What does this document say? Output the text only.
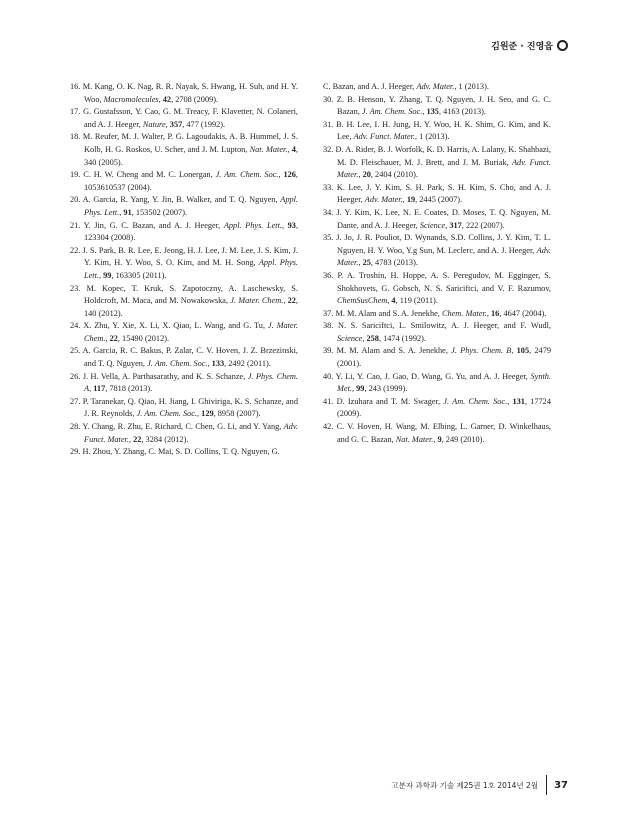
김원준 · 진영읍
16. M. Kang, O. K. Nag, R. R. Nayak, S. Hwang, H. Suh, and H. Y. Woo, Macromolecules, 42, 2708 (2009).
17. G. Gustafsson, Y. Cao, G. M. Treacy, F. Klavetter, N. Colaneri, and A. J. Heeger, Nature, 357, 477 (1992).
18. M. Reufer, M. J. Walter, P. G. Lagoudakis, A. B. Hummel, J. S. Kolb, H. G. Roskos, U. Scher, and J. M. Lupton, Nat. Mater., 4, 340 (2005).
19. C. H. W. Cheng and M. C. Lonergan, J. Am. Chem. Soc., 126, 1053610537 (2004).
20. A. Garcia, R. Yang, Y. Jin, B. Walker, and T. Q. Nguyen, Appl. Phys. Lett., 91, 153502 (2007).
21. Y. Jin, G. C. Bazan, and A. J. Heeger, Appl. Phys. Lett., 93, 123304 (2008).
22. J. S. Park, B. R. Lee, E. Jeong, H. J. Lee, J. M. Lee, J. S. Kim, J. Y. Kim, H. Y. Woo, S. O. Kim, and M. H. Song, Appl. Phys. Lett., 99, 163305 (2011).
23. M. Kopec, T. Kruk, S. Zapotoczny, A. Laschewsky, S. Holdcroft, M. Maca, and M. Nowakowska, J. Mater. Chem., 22, 140 (2012).
24. X. Zhu, Y. Xie, X. Li, X. Qiao, L. Wang, and G. Tu, J. Mater. Chem., 22, 15490 (2012).
25. A. Garcia, R. C. Bakus, P. Zalar, C. V. Hoven, J. Z. Brzezinski, and T. Q. Nguyen, J. Am. Chem. Soc., 133, 2492 (2011).
26. J. H. Vella, A. Parthasarathy, and K. S. Schanze, J. Phys. Chem. A, 117, 7818 (2013).
27. P. Taranekar, Q. Qiao, H. Jiang, I. Ghiviriga, K. S. Schanze, and J. R. Reynolds, J. Am. Chem. Soc., 129, 8958 (2007).
28. Y. Chang, R. Zhu, E. Richard, C. Chen, G. Li, and Y. Yang, Adv. Funct. Mater., 22, 3284 (2012).
29. H. Zhou, Y. Zhang, C. Mai, S. D. Collins, T. Q. Nguyen, G.
C. Bazan, and A. J. Heeger, Adv. Mater., 1 (2013).
30. Z. B. Henson, Y. Zhang, T. Q. Nguyen, J. H. Seo, and G. C. Bazan, J. Am. Chem. Soc., 135, 4163 (2013).
31. B. H. Lee, I. H. Jung, H. Y. Woo, H. K. Shim, G. Kim, and K. Lee, Adv. Funct. Mater., 1 (2013).
32. D. A. Rider, B. J. Worfolk, K. D. Harris, A. Lalany, K. Shahbazi, M. D. Fleischauer, M. J. Brett, and J. M. Buriak, Adv. Funct. Mater., 20, 2404 (2010).
33. K. Lee, J. Y. Kim, S. H. Park, S. H. Kim, S. Cho, and A. J. Heeger, Adv. Mater., 19, 2445 (2007).
34. J. Y. Kim, K. Lee, N. E. Coates, D. Moses, T. Q. Nguyen, M. Dante, and A. J. Heeger, Science, 317, 222 (2007).
35. J. Jo, J. R. Pouliot, D. Wynands, S.D. Collins, J. Y. Kim, T. L. Nguyen, H. Y. Woo, Y.g Sun, M. Leclerc, and A. J. Heeger, Adv. Mater., 25, 4783 (2013).
36. P. A. Troshin, H. Hoppe, A. S. Peregudov, M. Egginger, S. Shokhovets, G. Gobsch, N. S. Sariciftci, and V. F. Razumov, ChemSusChem, 4, 119 (2011).
37. M. M. Alam and S. A. Jenekhe, Chem. Mater., 16, 4647 (2004).
38. N. S. Sariciftci, L. Smilowitz, A. J. Heeger, and F. Wudl, Science, 258, 1474 (1992).
39. M. M. Alam and S. A. Jenekhe, J. Phys. Chem. B, 105, 2479 (2001).
40. Y. Li, Y. Cao, J. Gao, D. Wang, G. Yu, and A. J. Heeger, Synth. Met., 99, 243 (1999).
41. D. Izuhara and T. M. Swager, J. Am. Chem. Soc., 131, 17724 (2009).
42. C. V. Hoven, H. Wang, M. Elbing, L. Garner, D. Winkelhaus, and G. C. Bazan, Nat. Mater., 9, 249 (2010).
고분자 과학과 기술 제25권 1호 2014년 2월 37
